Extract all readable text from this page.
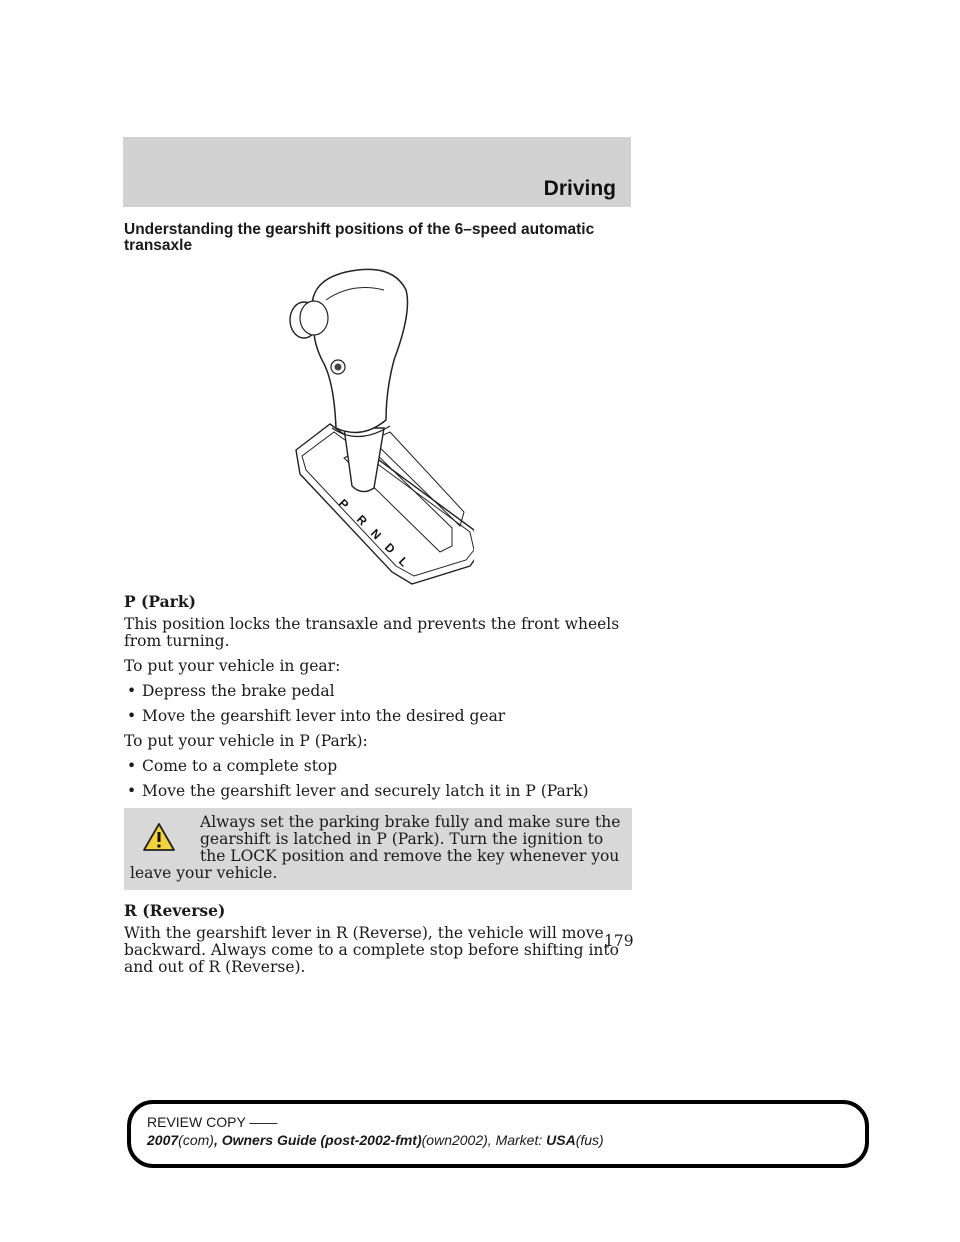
Driving
Understanding the gearshift positions of the 6–speed automatic transaxle
P
R
N
D
L
P (Park)

This position locks the transaxle and prevents the front wheels from turning.

To put your vehicle in gear:

• Depress the brake pedal
• Move the gearshift lever into the desired gear

To put your vehicle in P (Park):

• Come to a complete stop
• Move the gearshift lever and securely latch it in P (Park)
Always set the parking brake fully and make sure the gearshift is latched in P (Park). Turn the ignition to the LOCK position and remove the key whenever you leave your vehicle.
R (Reverse)

With the gearshift lever in R (Reverse), the vehicle will move backward. Always come to a complete stop before shifting into and out of R (Reverse).

179
REVIEW COPY ——
2007(com), Owners Guide (post-2002-fmt)(own2002), Market: USA(fus)
